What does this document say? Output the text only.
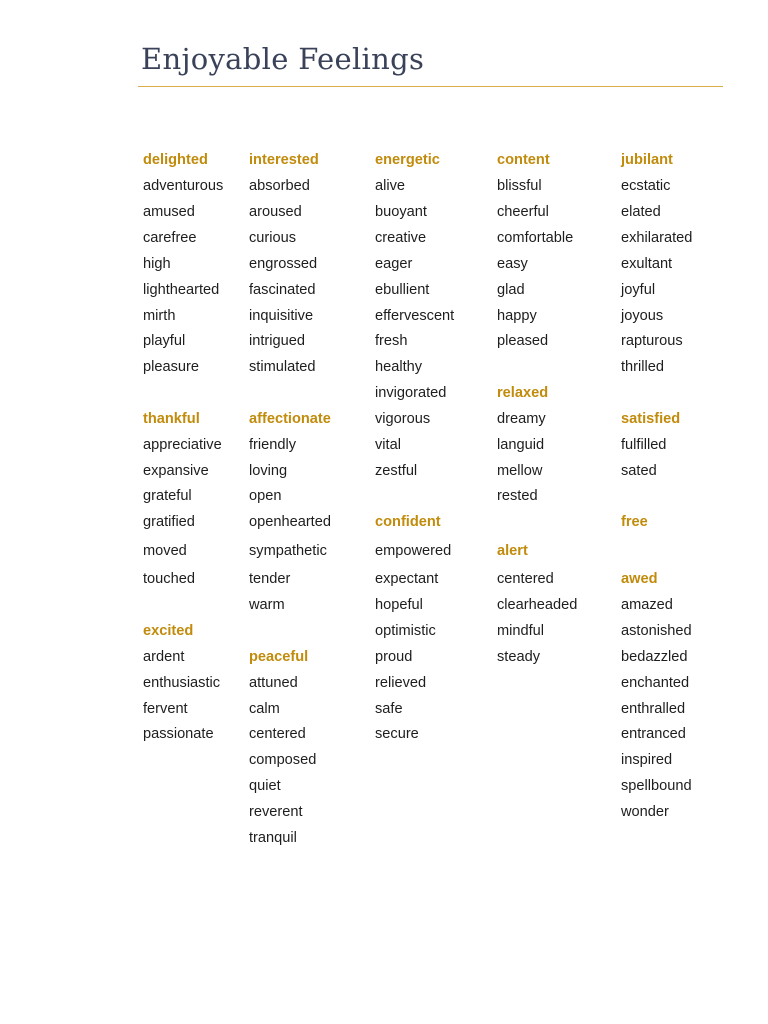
Enjoyable Feelings
delighted
adventurous
amused
carefree
high
lighthearted
mirth
playful
pleasure
thankful
appreciative
expansive
grateful
gratified
moved
touched
excited
ardent
enthusiastic
fervent
passionate
interested
absorbed
aroused
curious
engrossed
fascinated
inquisitive
intrigued
stimulated
affectionate
friendly
loving
open
openhearted
sympathetic
tender
warm
peaceful
attuned
calm
centered
composed
quiet
reverent
tranquil
energetic
alive
buoyant
creative
eager
ebullient
effervescent
fresh
healthy
invigorated
vigorous
vital
zestful
confident
empowered
expectant
hopeful
optimistic
proud
relieved
safe
secure
content
blissful
cheerful
comfortable
easy
glad
happy
pleased
relaxed
dreamy
languid
mellow
rested
alert
centered
clearheaded
mindful
steady
jubilant
ecstatic
elated
exhilarated
exultant
joyful
joyous
rapturous
thrilled
satisfied
fulfilled
sated
free
awed
amazed
astonished
bedazzled
enchanted
enthralled
entranced
inspired
spellbound
wonder
